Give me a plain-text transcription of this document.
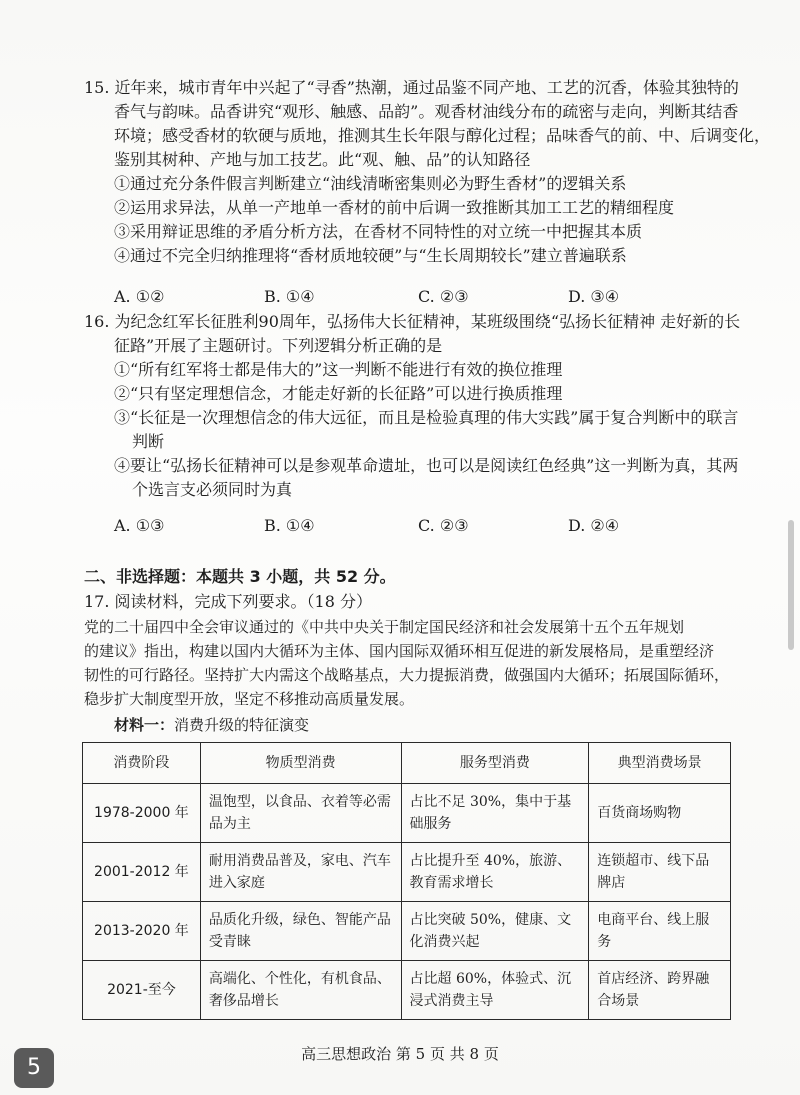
15. 近年来，城市青年中兴起了“寻香”热潮，通过品鉴不同产地、工艺的沉香，体验其独特的
香气与韵味。品香讲究“观形、触感、品韵”。观香材油线分布的疏密与走向，判断其结香
环境；感受香材的软硬与质地，推测其生长年限与醇化过程；品味香气的前、中、后调变化，
鉴别其树种、产地与加工技艺。此“观、触、品”的认知路径
①通过充分条件假言判断建立“油线清晰密集则必为野生香材”的逻辑关系
②运用求异法，从单一产地单一香材的前中后调一致推断其加工工艺的精细程度
③采用辩证思维的矛盾分析方法，在香材不同特性的对立统一中把握其本质
④通过不完全归纳推理将“香材质地较硬”与“生长周期较长”建立普遍联系
A. ①②	B. ①④	C. ②③	D. ③④
16. 为纪念红军长征胜利90周年，弘扬伟大长征精神，某班级围绕“弘扬长征精神 走好新的长
征路”开展了主题研讨。下列逻辑分析正确的是
①“所有红军将士都是伟大的”这一判断不能进行有效的换位推理
②“只有坚定理想信念，才能走好新的长征路”可以进行换质推理
③“长征是一次理想信念的伟大远征，而且是检验真理的伟大实践”属于复合判断中的联言
判断
④要让“弘扬长征精神可以是参观革命遗址，也可以是阅读红色经典”这一判断为真，其两
个选言支必须同时为真
A. ①③	B. ①④	C. ②③	D. ②④
二、非选择题：本题共 3 小题，共 52 分。
17. 阅读材料，完成下列要求。（18 分）
党的二十届四中全会审议通过的《中共中央关于制定国民经济和社会发展第十五个五年规划
的建议》指出，构建以国内大循环为主体、国内国际双循环相互促进的新发展格局，是重塑经济
韧性的可行路径。坚持扩大内需这个战略基点，大力提振消费，做强国内大循环；拓展国际循环，
稳步扩大制度型开放，坚定不移推动高质量发展。
材料一：消费升级的特征演变
消费阶段	物质型消费	服务型消费	典型消费场景
1978-2000 年	温饱型，以食品、衣着等必需品为主	占比不足 30%，集中于基础服务	百货商场购物
2001-2012 年	耐用消费品普及，家电、汽车进入家庭	占比提升至 40%，旅游、教育需求增长	连锁超市、线下品牌店
2013-2020 年	品质化升级，绿色、智能产品受青睐	占比突破 50%，健康、文化消费兴起	电商平台、线上服务
2021-至今	高端化、个性化，有机食品、奢侈品增长	占比超 60%，体验式、沉浸式消费主导	首店经济、跨界融合场景
高三思想政治 第 5 页 共 8 页
5
